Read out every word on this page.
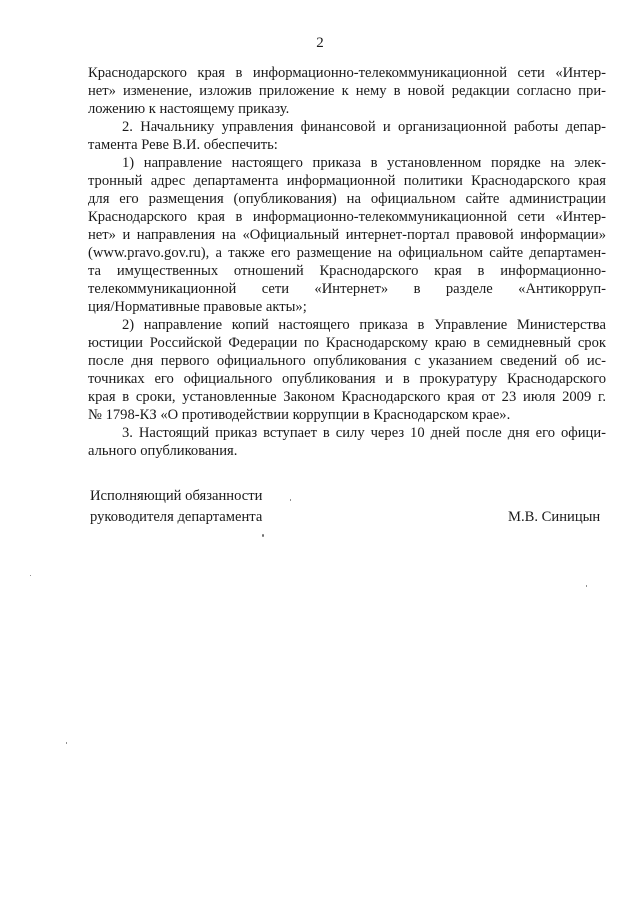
2
Краснодарского края в информационно-телекоммуникационной сети «Интер-
нет» изменение, изложив приложение к нему в новой редакции согласно при-
ложению к настоящему приказу.
2. Начальнику управления финансовой и организационной работы депар-
тамента Реве В.И. обеспечить:
1) направление настоящего приказа в установленном порядке на элек-
тронный адрес департамента информационной политики Краснодарского края
для его размещения (опубликования) на официальном сайте администрации
Краснодарского края в информационно-телекоммуникационной сети «Интер-
нет» и направления на «Официальный интернет-портал правовой информации»
(www.pravo.gov.ru), а также его размещение на официальном сайте департамен-
та имущественных отношений Краснодарского края в информационно-
телекоммуникационной сети «Интернет» в разделе «Антикорруп-
ция/Нормативные правовые акты»;
2) направление копий настоящего приказа в Управление Министерства
юстиции Российской Федерации по Краснодарскому краю в семидневный срок
после дня первого официального опубликования с указанием сведений об ис-
точниках его официального опубликования и в прокуратуру Краснодарского
края в сроки, установленные Законом Краснодарского края от 23 июля 2009 г.
№ 1798-КЗ «О противодействии коррупции в Краснодарском крае».
3. Настоящий приказ вступает в силу через 10 дней после дня его офици-
ального опубликования.
Исполняющий обязанности
руководителя департамента	М.В. Синицын
